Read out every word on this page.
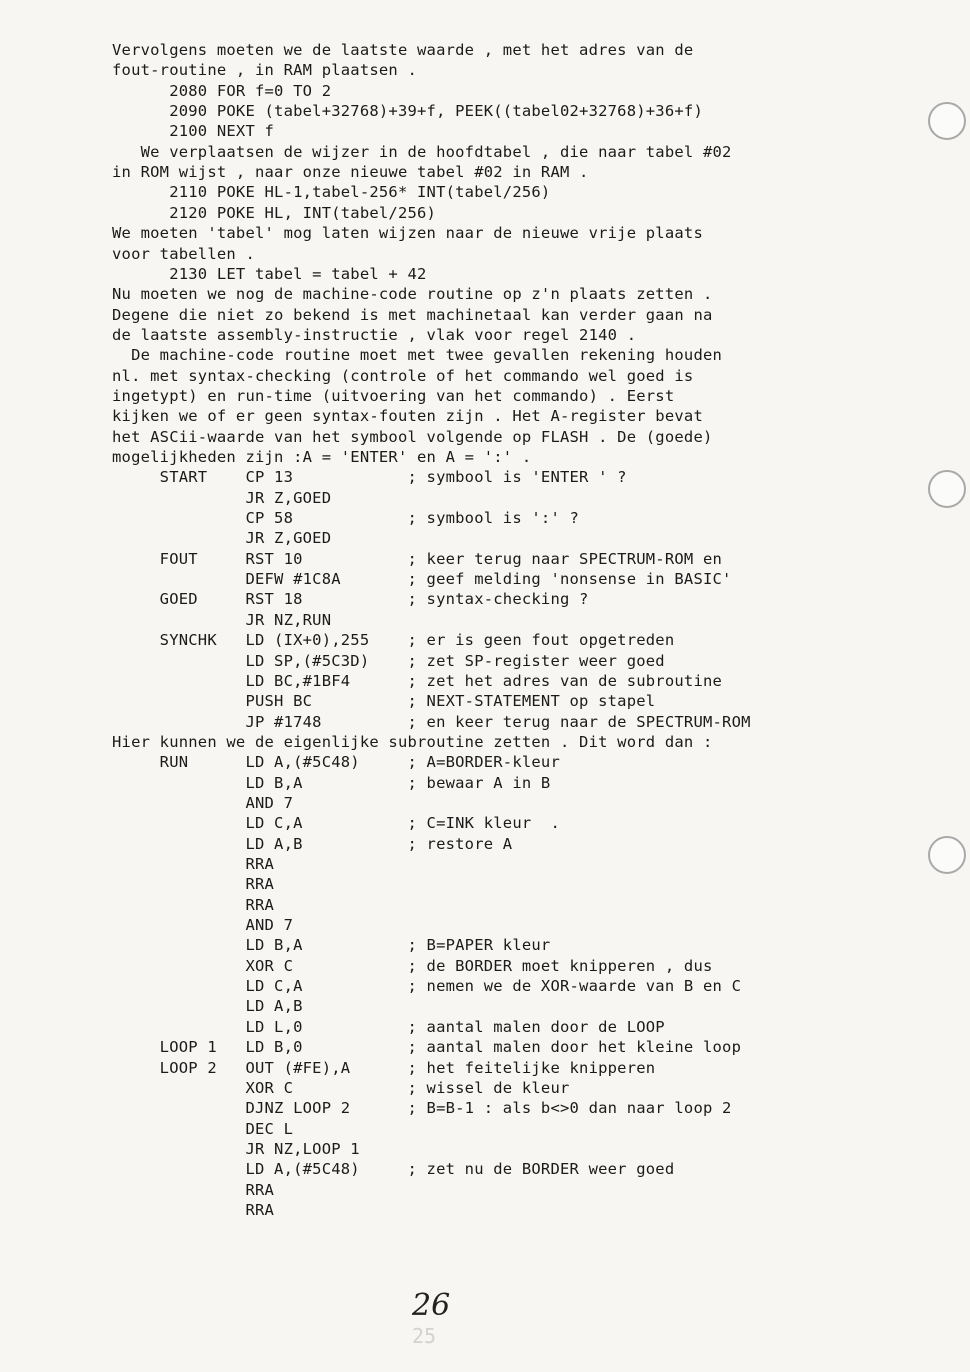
Vervolgens moeten we de laatste waarde , met het adres van de
fout-routine , in RAM plaatsen .
2080 FOR f=0 TO 2
2090 POKE (tabel+32768)+39+f, PEEK((tabel02+32768)+36+f)
2100 NEXT f
We verplaatsen de wijzer in de hoofdtabel , die naar tabel #02
in ROM wijst , naar onze nieuwe tabel #02 in RAM .
2110 POKE HL-1,tabel-256* INT(tabel/256)
2120 POKE HL, INT(tabel/256)
We moeten 'tabel' mog laten wijzen naar de nieuwe vrije plaats
voor tabellen .
2130 LET tabel = tabel + 42
Nu moeten we nog de machine-code routine op z'n plaats zetten .
Degene die niet zo bekend is met machinetaal kan verder gaan na
de laatste assembly-instructie , vlak voor regel 2140 .
De machine-code routine moet met twee gevallen rekening houden
nl. met syntax-checking (controle of het commando wel goed is
ingetypt) en run-time (uitvoering van het commando) . Eerst
kijken we of er geen syntax-fouten zijn . Het A-register bevat
het ASCii-waarde van het symbool volgende op FLASH . De (goede)
mogelijkheden zijn :A = 'ENTER' en A = ':' .
START    CP 13            ; symbool is 'ENTER ' ?
JR Z,GOED
CP 58            ; symbool is ':' ?
JR Z,GOED
FOUT     RST 10           ; keer terug naar SPECTRUM-ROM en
DEFW #1C8A       ; geef melding 'nonsense in BASIC'
GOED     RST 18           ; syntax-checking ?
JR NZ,RUN
SYNCHK   LD (IX+0),255    ; er is geen fout opgetreden
LD SP,(#5C3D)    ; zet SP-register weer goed
LD BC,#1BF4      ; zet het adres van de subroutine
PUSH BC          ; NEXT-STATEMENT op stapel
JP #1748         ; en keer terug naar de SPECTRUM-ROM
Hier kunnen we de eigenlijke subroutine zetten . Dit word dan :
RUN      LD A,(#5C48)     ; A=BORDER-kleur
LD B,A           ; bewaar A in B
AND 7
LD C,A           ; C=INK kleur  .
LD A,B           ; restore A
RRA
RRA
RRA
AND 7
LD B,A           ; B=PAPER kleur
XOR C            ; de BORDER moet knipperen , dus
LD C,A           ; nemen we de XOR-waarde van B en C
LD A,B
LD L,0           ; aantal malen door de LOOP
LOOP 1   LD B,0           ; aantal malen door het kleine loop
LOOP 2   OUT (#FE),A      ; het feitelijke knipperen
XOR C            ; wissel de kleur
DJNZ LOOP 2      ; B=B-1 : als b<>0 dan naar loop 2
DEC L
JR NZ,LOOP 1
LD A,(#5C48)     ; zet nu de BORDER weer goed
RRA
RRA
26
25
